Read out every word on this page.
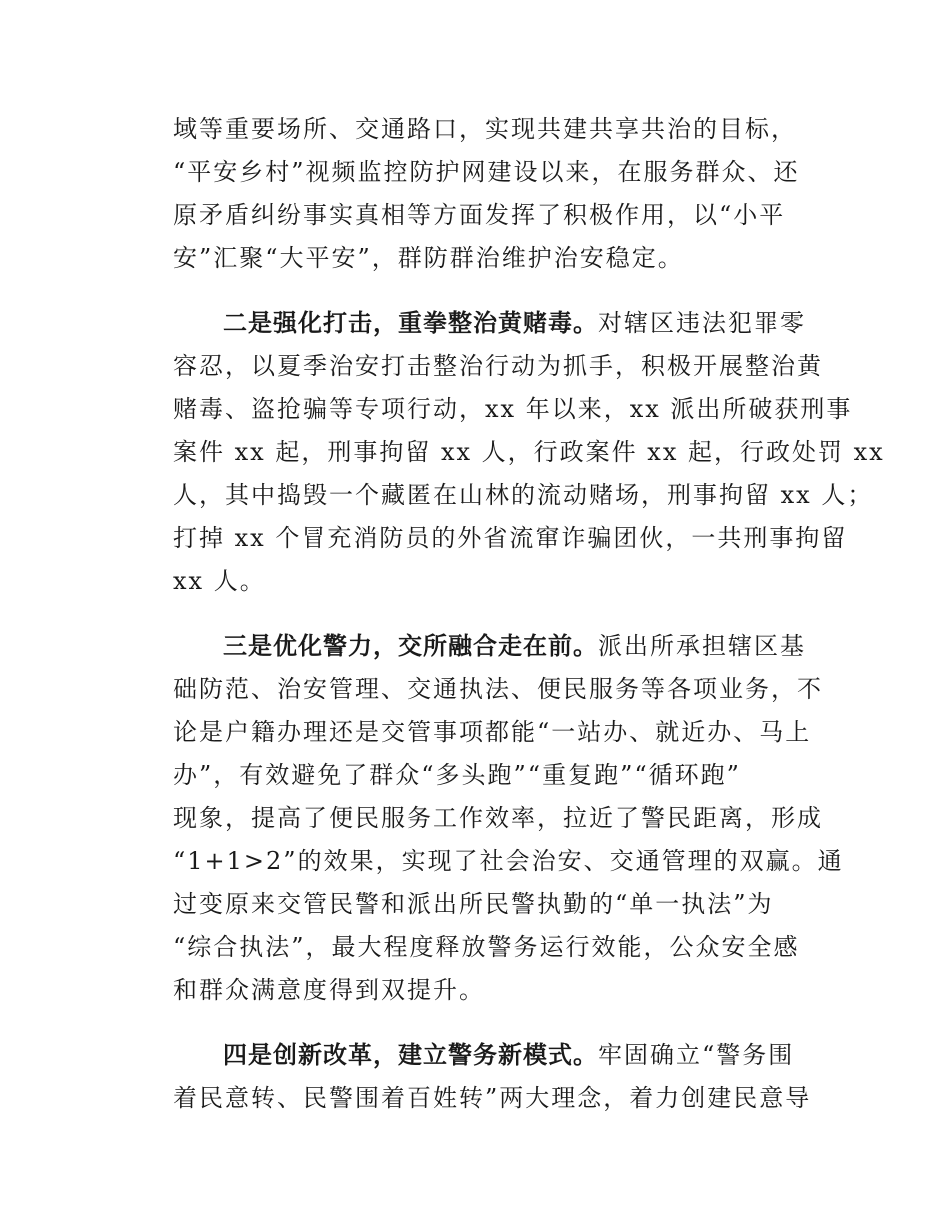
域等重要场所、交通路口，实现共建共享共治的目标，
“平安乡村”视频监控防护网建设以来，在服务群众、还
原矛盾纠纷事实真相等方面发挥了积极作用，以“小平
安”汇聚“大平安”，群防群治维护治安稳定。
二是强化打击，重拳整治黄赌毒。对辖区违法犯罪零
容忍，以夏季治安打击整治行动为抓手，积极开展整治黄
赌毒、盗抢骗等专项行动，xx 年以来，xx 派出所破获刑事
案件 xx 起，刑事拘留 xx 人，行政案件 xx 起，行政处罚 xx
人，其中捣毁一个藏匿在山林的流动赌场，刑事拘留 xx 人；
打掉 xx 个冒充消防员的外省流窜诈骗团伙，一共刑事拘留
xx 人。
三是优化警力，交所融合走在前。派出所承担辖区基
础防范、治安管理、交通执法、便民服务等各项业务，不
论是户籍办理还是交管事项都能“一站办、就近办、马上
办”，有效避免了群众“多头跑”“重复跑”“循环跑”
现象，提高了便民服务工作效率，拉近了警民距离，形成
“1+1>2”的效果，实现了社会治安、交通管理的双赢。通
过变原来交管民警和派出所民警执勤的“单一执法”为
“综合执法”，最大程度释放警务运行效能，公众安全感
和群众满意度得到双提升。
四是创新改革，建立警务新模式。牢固确立“警务围
着民意转、民警围着百姓转”两大理念，着力创建民意导
